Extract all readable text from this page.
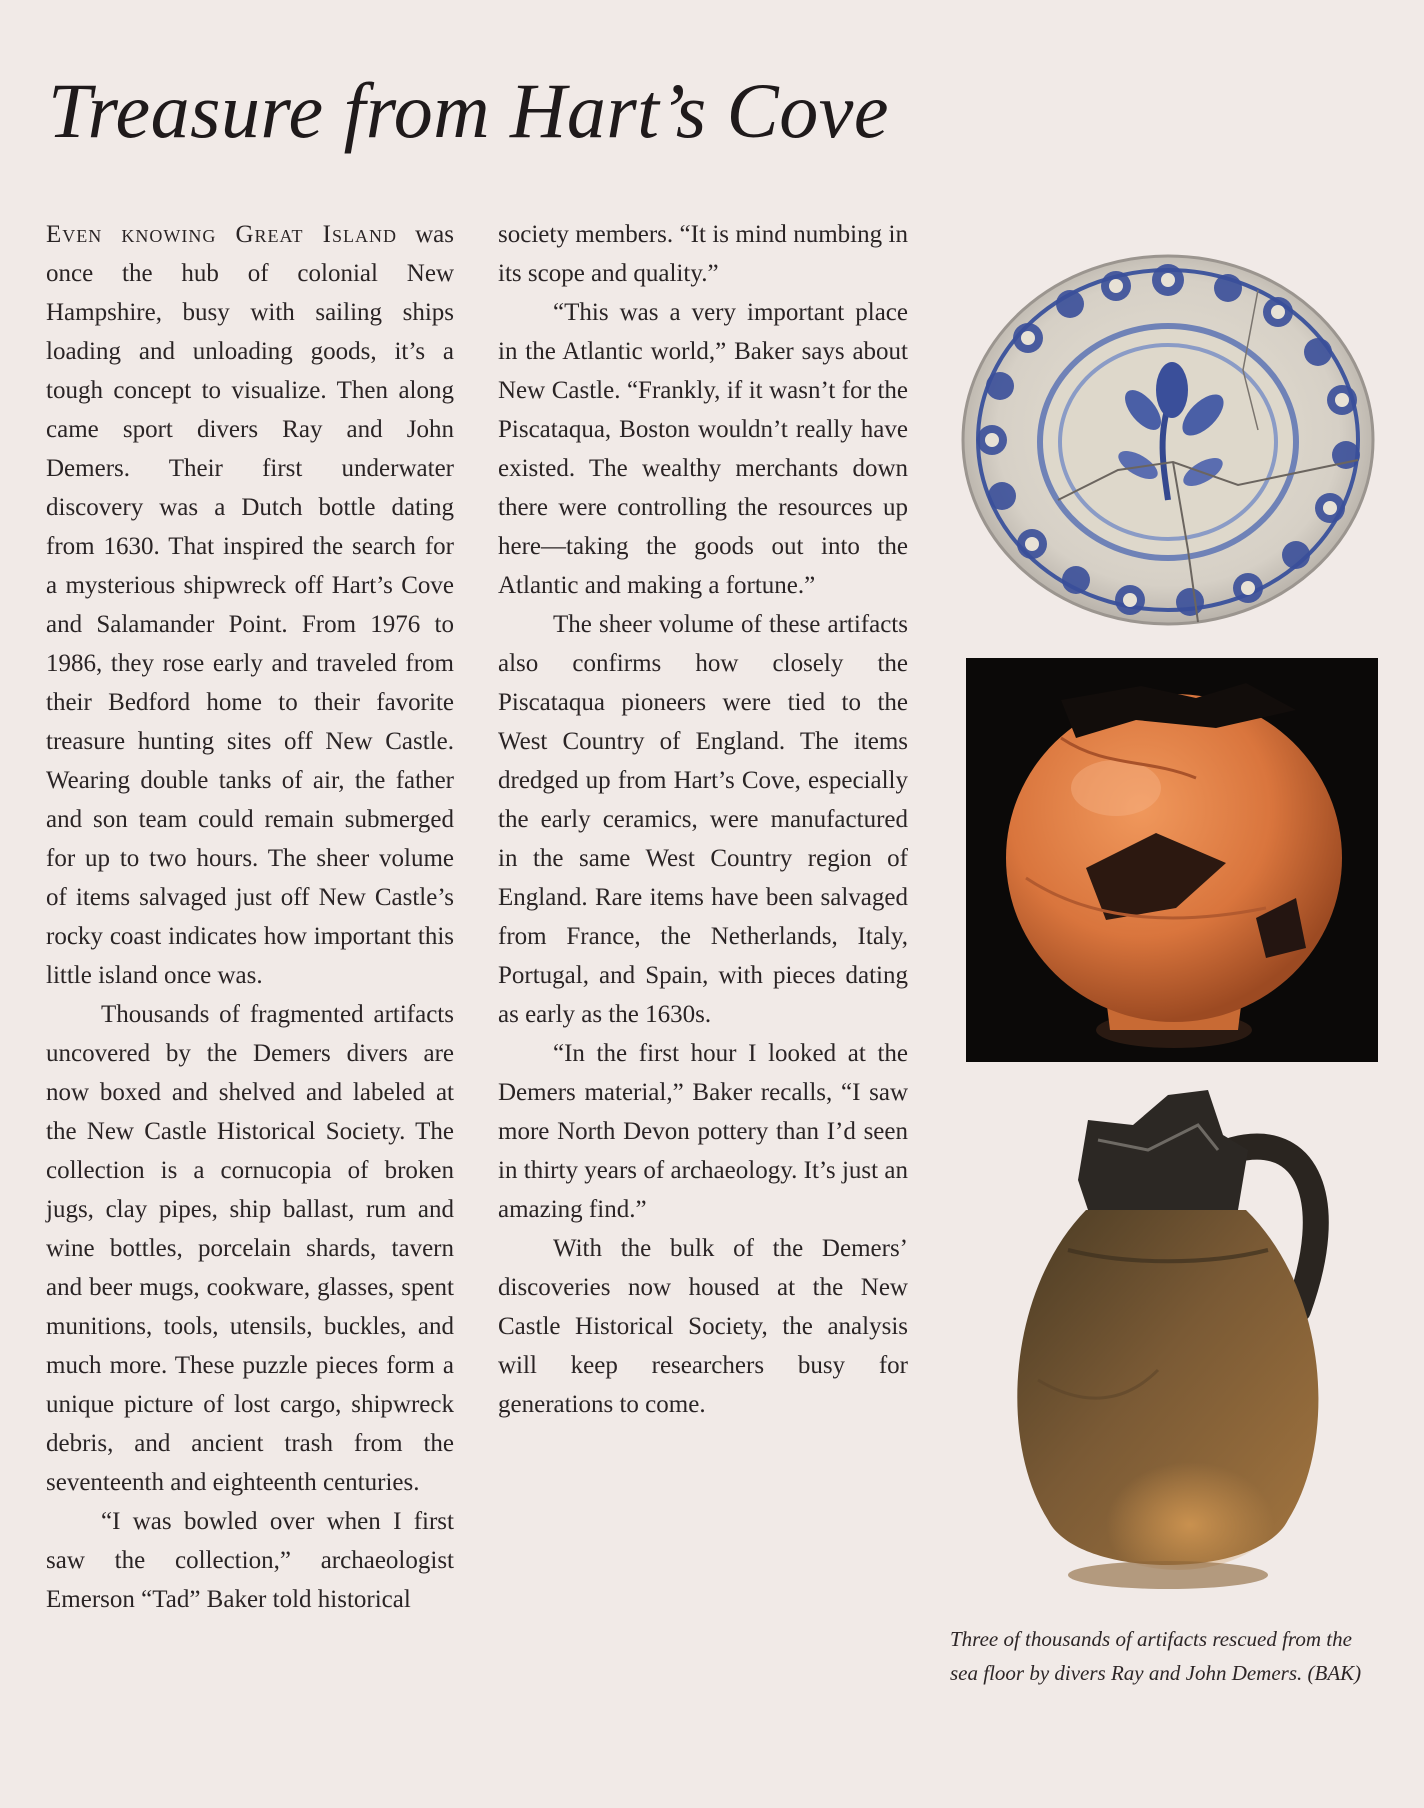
Treasure from Hart’s Cove

Even knowing Great Island was once the hub of colonial New Hampshire, busy with sailing ships loading and unloading goods, it’s a tough concept to visualize. Then along came sport divers Ray and John Demers. Their first underwater discovery was a Dutch bottle dating from 1630. That inspired the search for a mysterious shipwreck off Hart’s Cove and Salamander Point. From 1976 to 1986, they rose early and traveled from their Bedford home to their favorite treasure hunting sites off New Castle. Wearing double tanks of air, the father and son team could remain submerged for up to two hours. The sheer volume of items salvaged just off New Castle’s rocky coast indicates how important this little island once was.

Thousands of fragmented artifacts uncovered by the Demers divers are now boxed and shelved and labeled at the New Castle Historical Society. The collection is a cornucopia of broken jugs, clay pipes, ship ballast, rum and wine bottles, porcelain shards, tavern and beer mugs, cookware, glasses, spent munitions, tools, utensils, buckles, and much more. These puzzle pieces form a unique picture of lost cargo, shipwreck debris, and ancient trash from the seventeenth and eighteenth centuries.

“I was bowled over when I first saw the collection,” archaeologist Emerson “Tad” Baker told historical

society members. “It is mind numbing in its scope and quality.”

“This was a very important place in the Atlantic world,” Baker says about New Castle. “Frankly, if it wasn’t for the Piscataqua, Boston wouldn’t really have existed. The wealthy merchants down there were controlling the resources up here—taking the goods out into the Atlantic and making a fortune.”

The sheer volume of these artifacts also confirms how closely the Piscataqua pioneers were tied to the West Country of England. The items dredged up from Hart’s Cove, especially the early ceramics, were manufactured in the same West Country region of England. Rare items have been salvaged from France, the Netherlands, Italy, Portugal, and Spain, with pieces dating as early as the 1630s.

“In the first hour I looked at the Demers material,” Baker recalls, “I saw more North Devon pottery than I’d seen in thirty years of archaeology. It’s just an amazing find.”

With the bulk of the Demers’ discoveries now housed at the New Castle Historical Society, the analysis will keep researchers busy for generations to come.

Three of thousands of artifacts rescued from the sea floor by divers Ray and John Demers. (BAK)
